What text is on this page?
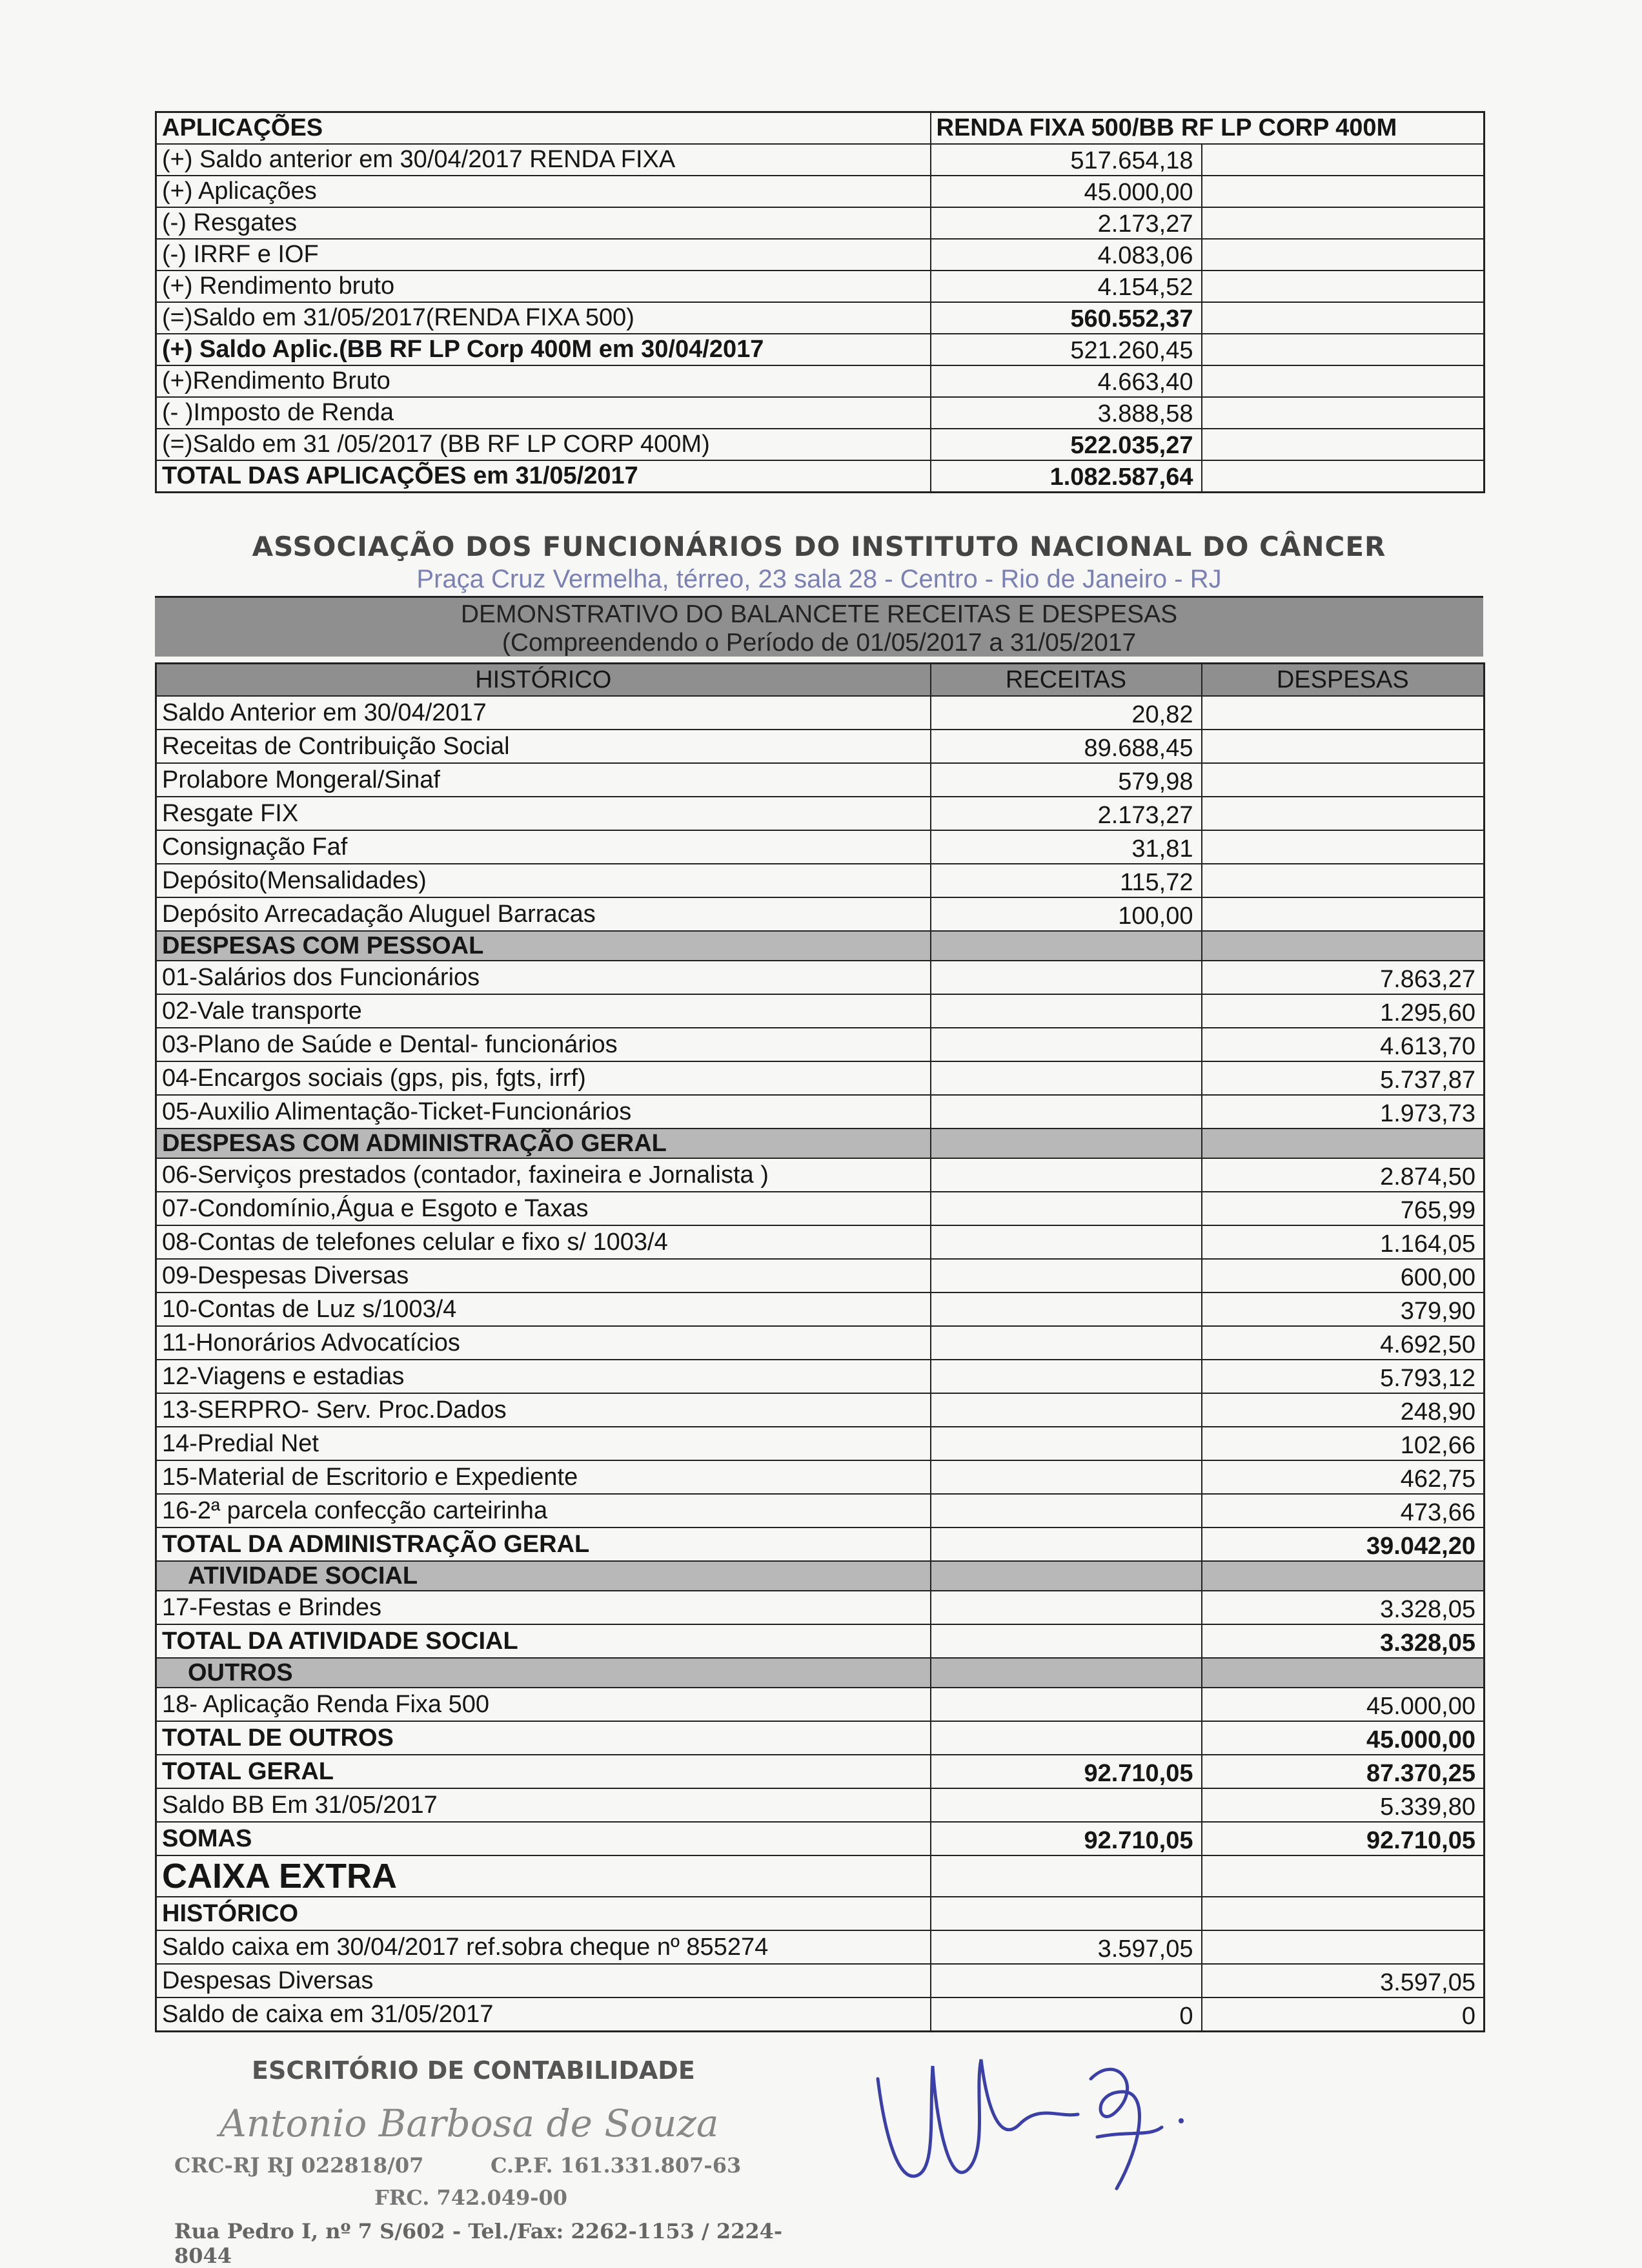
APLICAÇÕES	RENDA FIXA 500/BB RF LP CORP 400M	
(+) Saldo anterior em 30/04/2017 RENDA FIXA	517.654,18	
(+) Aplicações	45.000,00	
(-) Resgates	2.173,27	
(-) IRRF e IOF	4.083,06	
(+) Rendimento bruto	4.154,52	
(=)Saldo em 31/05/2017(RENDA FIXA 500)	560.552,37	
(+) Saldo Aplic.(BB RF LP Corp 400M em 30/04/2017	521.260,45	
(+)Rendimento Bruto	4.663,40	
(- )Imposto de Renda	3.888,58	
(=)Saldo em 31 /05/2017 (BB RF LP CORP 400M)	522.035,27	
TOTAL DAS APLICAÇÕES em 31/05/2017	1.082.587,64	
ASSOCIAÇÃO DOS FUNCIONÁRIOS DO INSTITUTO NACIONAL DO CÂNCER
Praça Cruz Vermelha, térreo, 23 sala 28 - Centro - Rio de Janeiro - RJ
DEMONSTRATIVO DO BALANCETE RECEITAS E DESPESAS
(Compreendendo o Período de 01/05/2017 a 31/05/2017
HISTÓRICO	RECEITAS	DESPESAS
Saldo Anterior em 30/04/2017	20,82	
Receitas de Contribuição Social	89.688,45	
Prolabore Mongeral/Sinaf	579,98	
Resgate FIX	2.173,27	
Consignação Faf	31,81	
Depósito(Mensalidades)	115,72	
Depósito Arrecadação Aluguel Barracas	100,00	
DESPESAS COM PESSOAL		
01-Salários dos Funcionários		7.863,27
02-Vale transporte		1.295,60
03-Plano de Saúde e Dental- funcionários		4.613,70
04-Encargos sociais (gps, pis, fgts, irrf)		5.737,87
05-Auxilio Alimentação-Ticket-Funcionários		1.973,73
DESPESAS COM ADMINISTRAÇÃO GERAL		
06-Serviços prestados (contador, faxineira e Jornalista )		2.874,50
07-Condomínio,Água e Esgoto e Taxas		765,99
08-Contas de telefones celular e fixo s/ 1003/4		1.164,05
09-Despesas Diversas		600,00
10-Contas de Luz s/1003/4		379,90
11-Honorários Advocatícios		4.692,50
12-Viagens e estadias		5.793,12
13-SERPRO- Serv. Proc.Dados		248,90
14-Predial Net		102,66
15-Material de Escritorio e Expediente		462,75
16-2ª parcela confecção carteirinha		473,66
TOTAL DA ADMINISTRAÇÃO GERAL		39.042,20
ATIVIDADE SOCIAL		
17-Festas e Brindes		3.328,05
TOTAL DA ATIVIDADE SOCIAL		3.328,05
OUTROS		
18- Aplicação Renda Fixa 500		45.000,00
TOTAL DE OUTROS		45.000,00
TOTAL GERAL	92.710,05	87.370,25
Saldo BB Em 31/05/2017		5.339,80
SOMAS	92.710,05	92.710,05
CAIXA EXTRA		
HISTÓRICO		
Saldo caixa em 30/04/2017 ref.sobra cheque nº 855274	3.597,05	
Despesas Diversas		3.597,05
Saldo de caixa em 31/05/2017	0	0
ESCRITÓRIO DE CONTABILIDADE
Antonio Barbosa de Souza
CRC-RJ RJ 022818/07	C.P.F. 161.331.807-63
FRC. 742.049-00
Rua Pedro I, nº 7 S/602 - Tel./Fax: 2262-1153 / 2224-8044
